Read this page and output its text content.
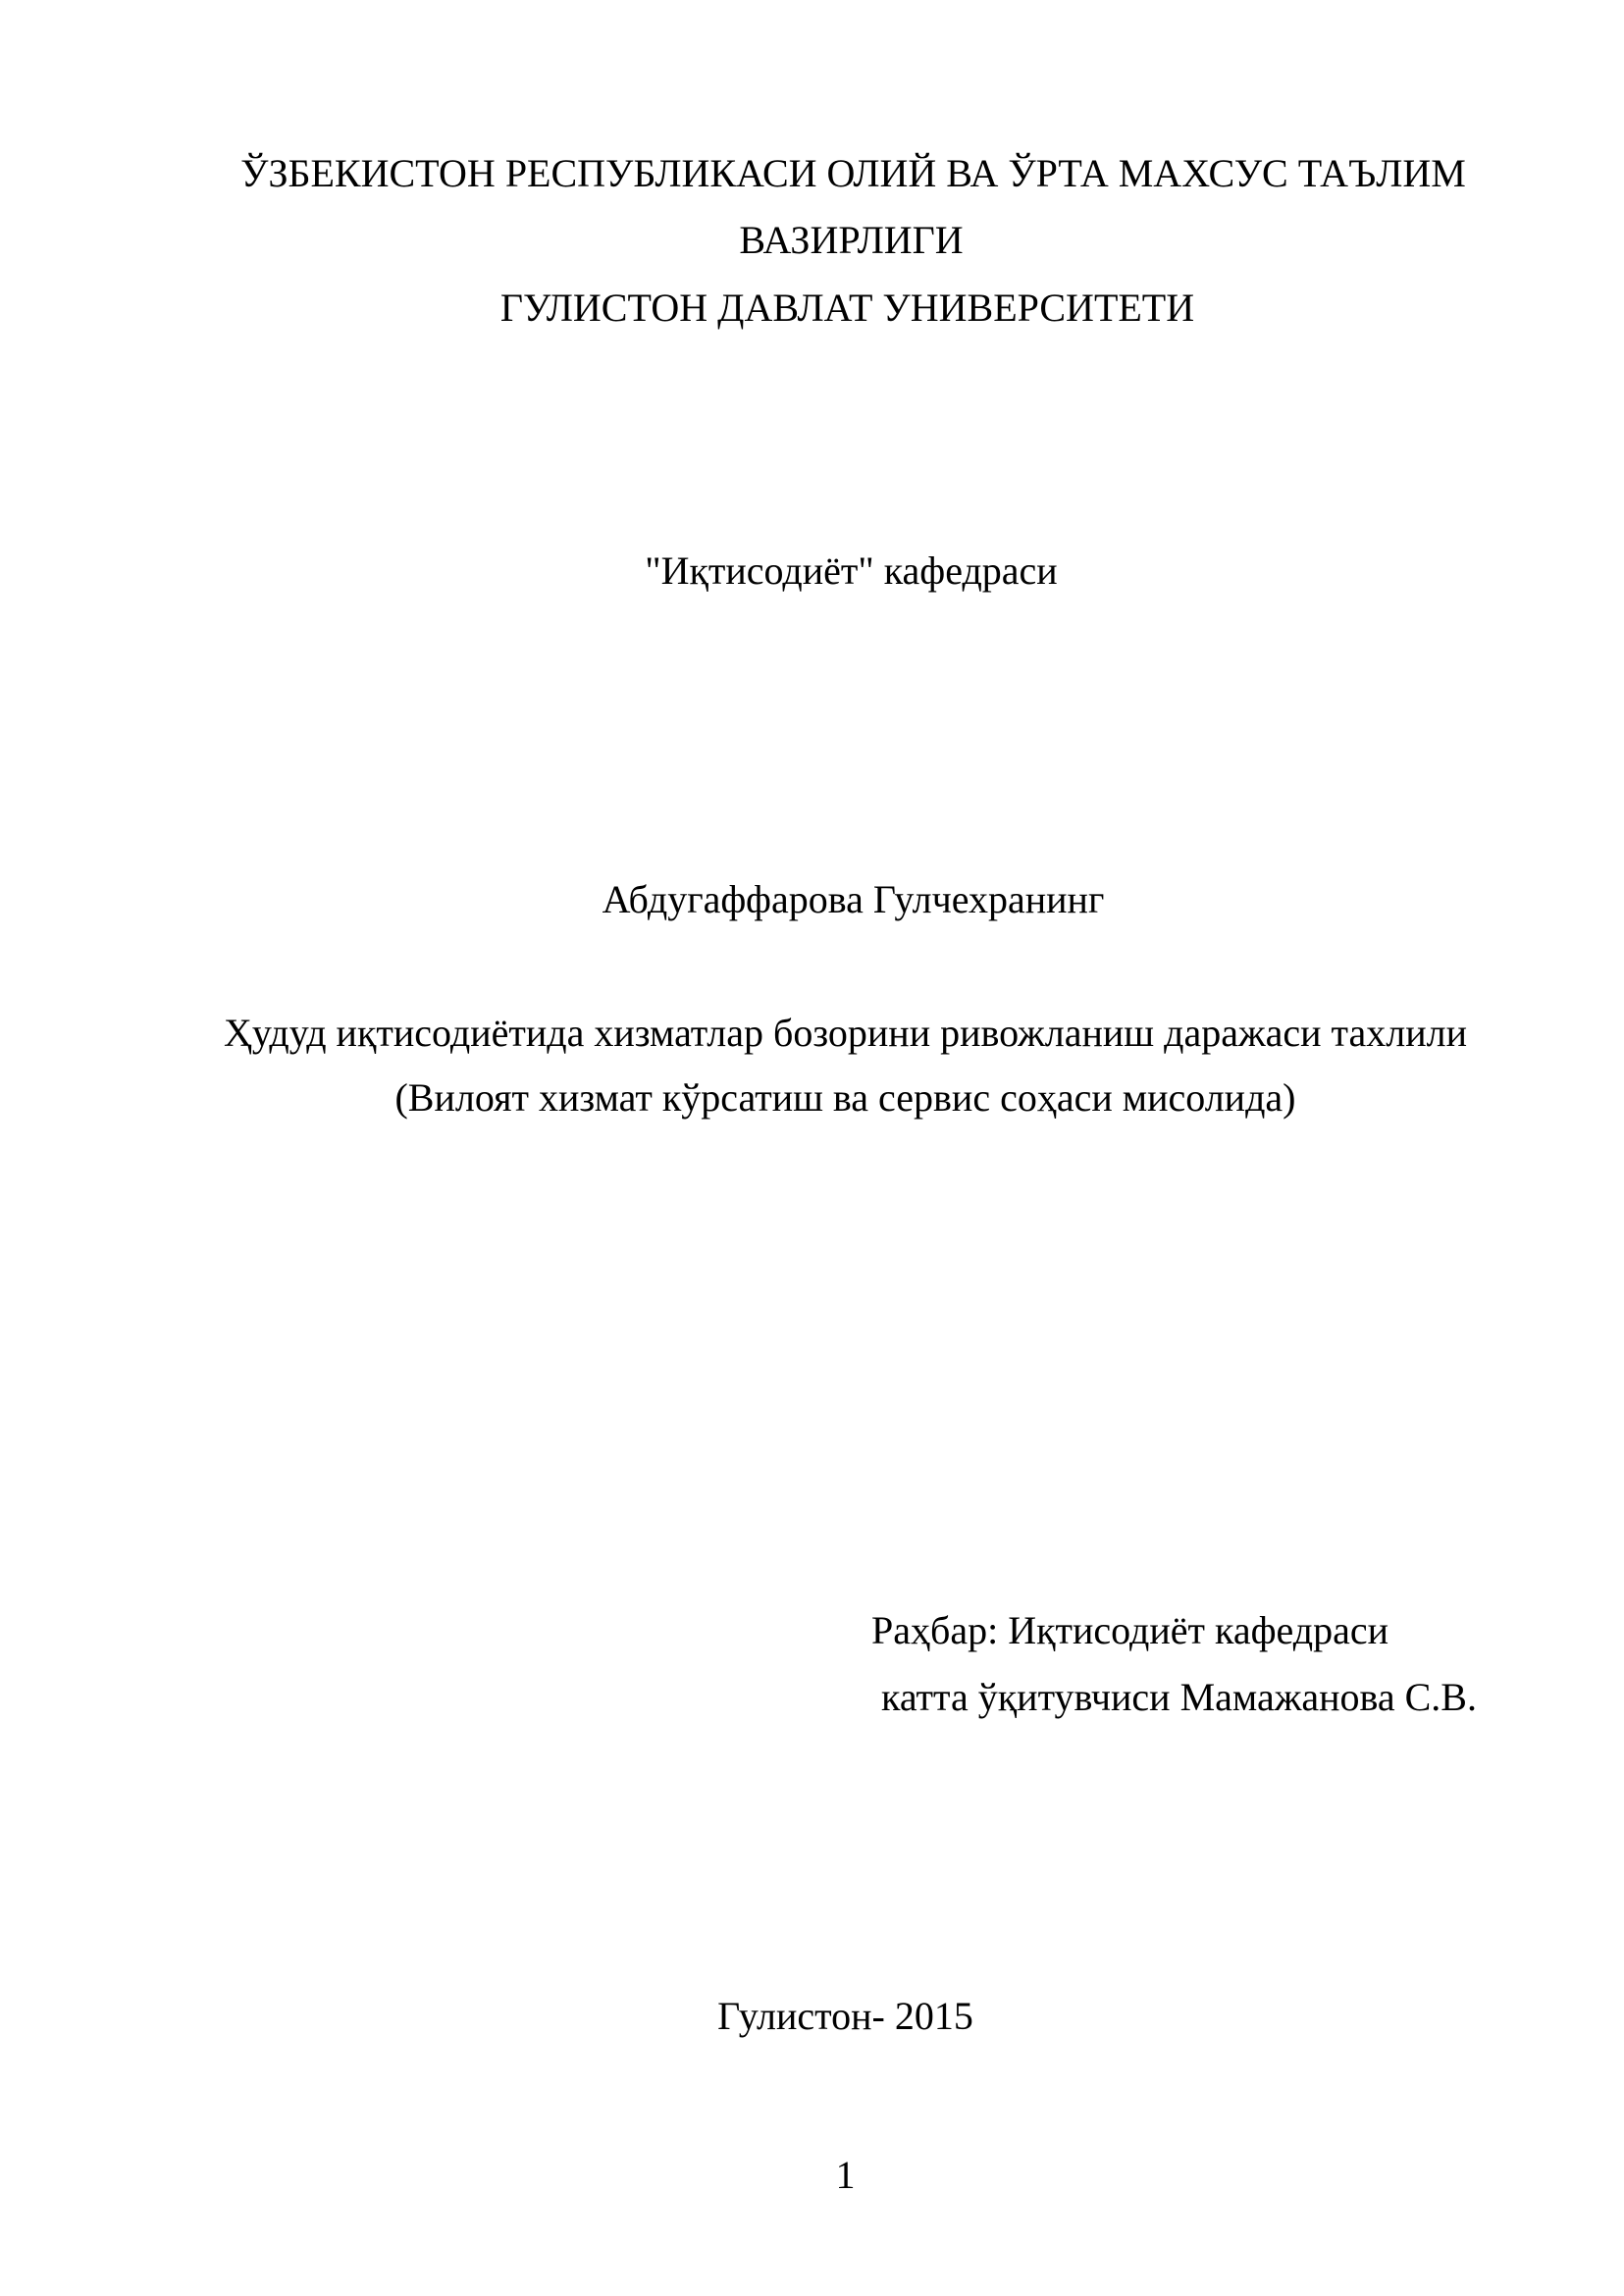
ЎЗБЕКИСТОН РЕСПУБЛИКАСИ ОЛИЙ ВА ЎРТА МАХСУС ТАЪЛИМ
ВАЗИРЛИГИ
ГУЛИСТОН ДАВЛАТ УНИВЕРСИТЕТИ
"Иқтисодиёт" кафедраси
Абдугаффарова Гулчехранинг
Ҳудуд иқтисодиётида хизматлар бозорини ривожланиш даражаси тахлили
(Вилоят хизмат кўрсатиш ва сервис соҳаси мисолида)
Раҳбар: Иқтисодиёт кафедраси
катта ўқитувчиси Мамажанова С.В.
Гулистон- 2015
1
